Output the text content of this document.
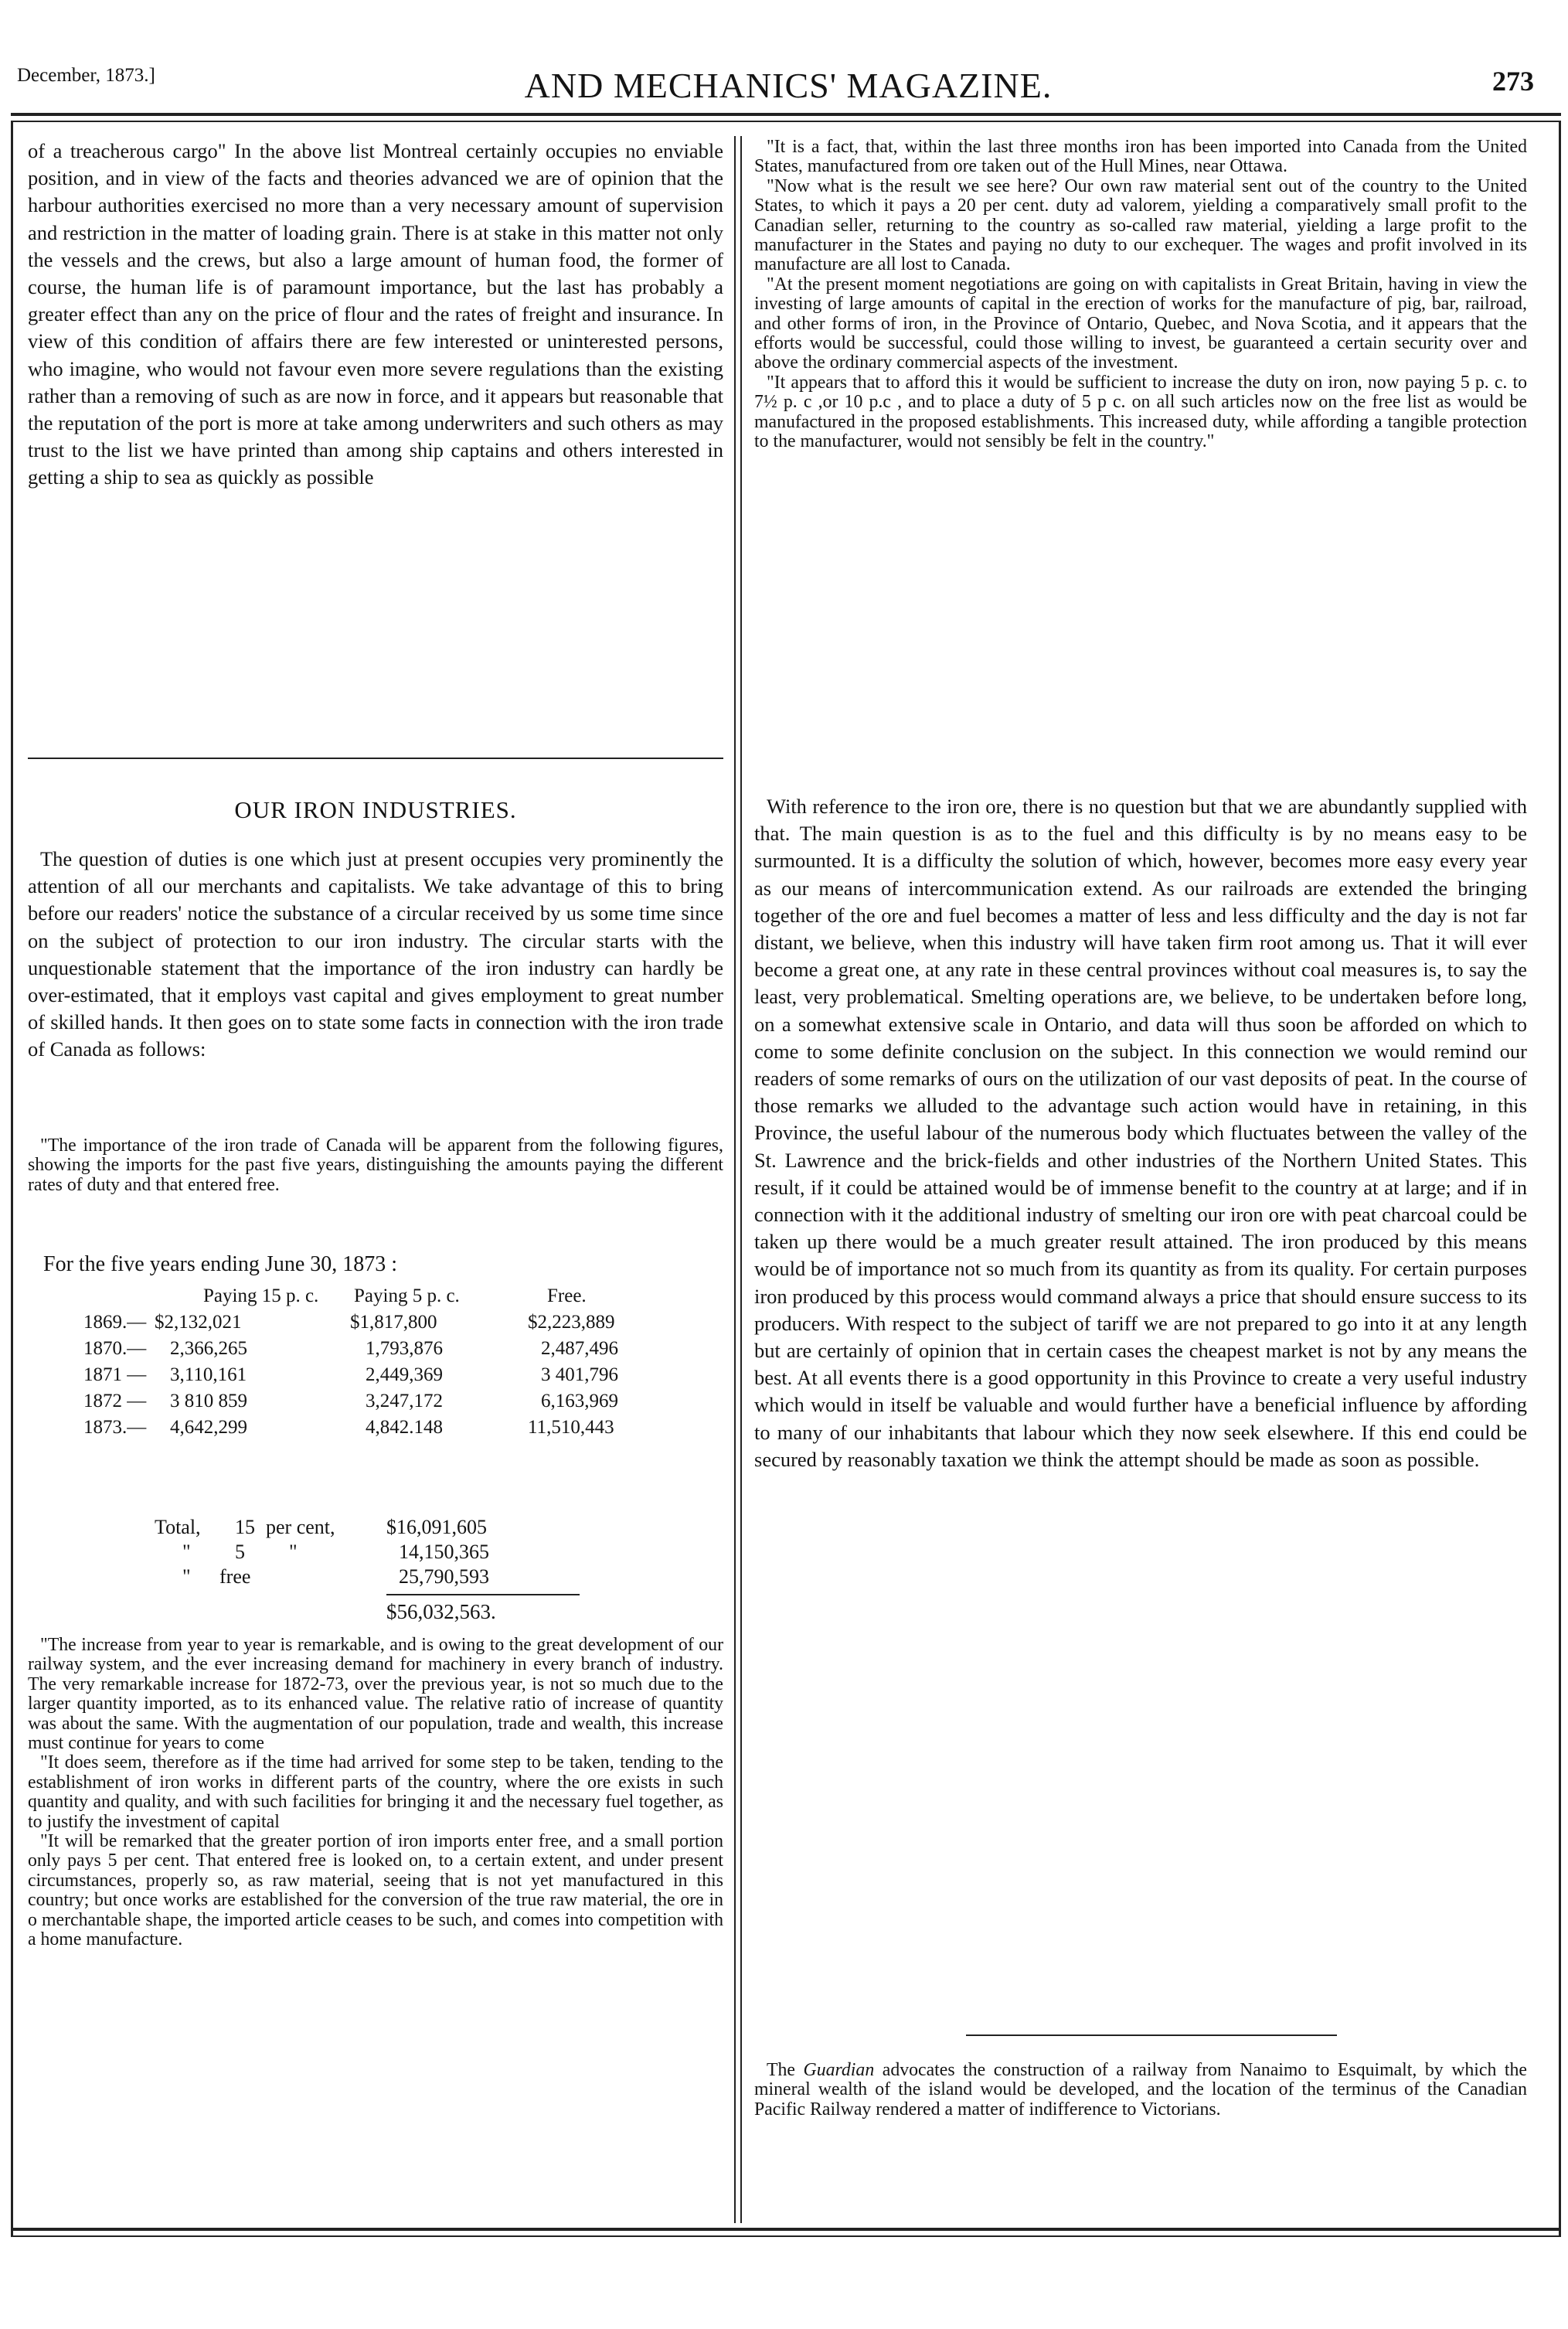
December, 1873.]	AND MECHANICS' MAGAZINE.	273

of a treacherous cargo" In the above list Montreal certainly occupies no enviable position, and in view of the facts and theories advanced we are of opinion that the harbour authorities exercised no more than a very necessary amount of supervision and restriction in the matter of loading grain. There is at stake in this matter not only the vessels and the crews, but also a large amount of human food, the former of course, the human life is of paramount importance, but the last has probably a greater effect than any on the price of flour and the rates of freight and insurance. In view of this condition of affairs there are few interested or uninterested persons, who imagine, who would not favour even more severe regulations than the existing rather than a removing of such as are now in force, and it appears but reasonable that the reputation of the port is more at take among underwriters and such others as may trust to the list we have printed than among ship captains and others interested in getting a ship to sea as quickly as possible

OUR IRON INDUSTRIES.

The question of duties is one which just at present occupies very prominently the attention of all our merchants and capitalists. We take advantage of this to bring before our readers' notice the substance of a circular received by us some time since on the subject of protection to our iron industry. The circular starts with the unquestionable statement that the importance of the iron industry can hardly be over-estimated, that it employs vast capital and gives employment to great number of skilled hands. It then goes on to state some facts in connection with the iron trade of Canada as follows:

"The importance of the iron trade of Canada will be apparent from the following figures, showing the imports for the past five years, distinguishing the amounts paying the different rates of duty and that entered free.

For the five years ending June 30, 1873 :
Paying 15 p. c. Paying 5 p. c.	Free.
1869.— $2,132,021	$1,817,800	$2,223,889
1870.— 2,366,265	1,793,876	2,487,496
1871 — 3,110,161	2,449,369	3 401,796
1872 — 3 810 859	3,247,172	6,163,969
1873.— 4,642,299	4,842.148	11,510,443
Total, 15 per cent,	$16,091,605
" 5 "	14,150,365
" free	25,790,593
$56,032,563.

"The increase from year to year is remarkable, and is owing to the great development of our railway system, and the ever increasing demand for machinery in every branch of industry. The very remarkable increase for 1872-73, over the previous year, is not so much due to the larger quantity imported, as to its enhanced value. The relative ratio of increase of quantity was about the same. With the augmentation of our population, trade and wealth, this increase must continue for years to come

"It does seem, therefore as if the time had arrived for some step to be taken, tending to the establishment of iron works in different parts of the country, where the ore exists in such quantity and quality, and with such facilities for bringing it and the necessary fuel together, as to justify the investment of capital

"It will be remarked that the greater portion of iron imports enter free, and a small portion only pays 5 per cent. That entered free is looked on, to a certain extent, and under present circumstances, properly so, as raw material, seeing that is not yet manufactured in this country; but once works are established for the conversion of the true raw material, the ore in o merchantable shape, the imported article ceases to be such, and comes into competition with a home manufacture.

"It is a fact, that, within the last three months iron has been imported into Canada from the United States, manufactured from ore taken out of the Hull Mines, near Ottawa.

"Now what is the result we see here? Our own raw material sent out of the country to the United States, to which it pays a 20 per cent. duty ad valorem, yielding a comparatively small profit to the Canadian seller, returning to the country as so-called raw material, yielding a large profit to the manufacturer in the States and paying no duty to our exchequer. The wages and profit involved in its manufacture are all lost to Canada.

"At the present moment negotiations are going on with capitalists in Great Britain, having in view the investing of large amounts of capital in the erection of works for the manufacture of pig, bar, railroad, and other forms of iron, in the Province of Ontario, Quebec, and Nova Scotia, and it appears that the efforts would be successful, could those willing to invest, be guaranteed a certain security over and above the ordinary commercial aspects of the investment.

"It appears that to afford this it would be sufficient to increase the duty on iron, now paying 5 p. c. to 7½ p. c ,or 10 p.c , and to place a duty of 5 p c. on all such articles now on the free list as would be manufactured in the proposed establishments. This increased duty, while affording a tangible protection to the manufacturer, would not sensibly be felt in the country."

With reference to the iron ore, there is no question but that we are abundantly supplied with that. The main question is as to the fuel and this difficulty is by no means easy to be surmounted. It is a difficulty the solution of which, however, becomes more easy every year as our means of intercommunication extend. As our railroads are extended the bringing together of the ore and fuel becomes a matter of less and less difficulty and the day is not far distant, we believe, when this industry will have taken firm root among us. That it will ever become a great one, at any rate in these central provinces without coal measures is, to say the least, very problematical. Smelting operations are, we believe, to be undertaken before long, on a somewhat extensive scale in Ontario, and data will thus soon be afforded on which to come to some definite conclusion on the subject. In this connection we would remind our readers of some remarks of ours on the utilization of our vast deposits of peat. In the course of those remarks we alluded to the advantage such action would have in retaining, in this Province, the useful labour of the numerous body which fluctuates between the valley of the St. Lawrence and the brick-fields and other industries of the Northern United States. This result, if it could be attained would be of immense benefit to the country at at large; and if in connection with it the additional industry of smelting our iron ore with peat charcoal could be taken up there would be a much greater result attained. The iron produced by this means would be of importance not so much from its quantity as from its quality. For certain purposes iron produced by this process would command always a price that should ensure success to its producers. With respect to the subject of tariff we are not prepared to go into it at any length but are certainly of opinion that in certain cases the cheapest market is not by any means the best. At all events there is a good opportunity in this Province to create a very useful industry which would in itself be valuable and would further have a beneficial influence by affording to many of our inhabitants that labour which they now seek elsewhere. If this end could be secured by reasonably taxation we think the attempt should be made as soon as possible.

The Guardian advocates the construction of a railway from Nanaimo to Esquimalt, by which the mineral wealth of the island would be developed, and the location of the terminus of the Canadian Pacific Railway rendered a matter of indifference to Victorians.
